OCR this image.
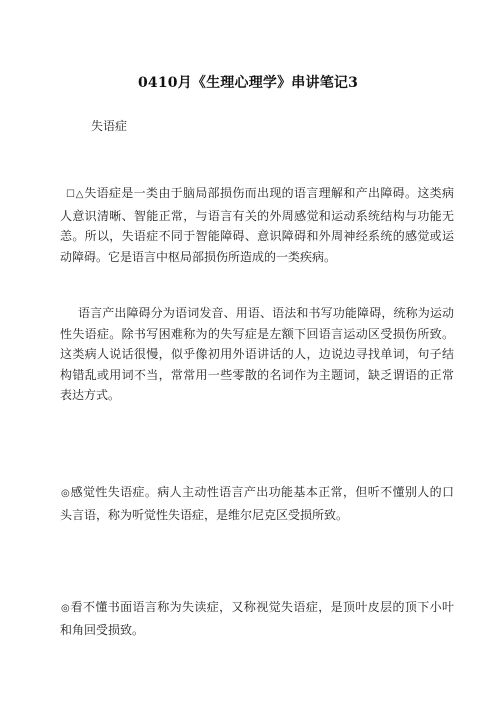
0410月《生理心理学》串讲笔记3
失语症

☐△失语症是一类由于脑局部损伤而出现的语言理解和产出障碍。这类病人意识清晰、智能正常，与语言有关的外周感觉和运动系统结构与功能无恙。所以，失语症不同于智能障碍、意识障碍和外周神经系统的感觉或运动障碍。它是语言中枢局部损伤所造成的一类疾病。

语言产出障碍分为语词发音、用语、语法和书写功能障碍，统称为运动性失语症。除书写困难称为的失写症是左额下回语言运动区受损伤所致。这类病人说话很慢，似乎像初用外语讲话的人，边说边寻找单词，句子结构错乱或用词不当，常常用一些零散的名词作为主题词，缺乏谓语的正常表达方式。

◎感觉性失语症。病人主动性语言产出功能基本正常，但听不懂别人的口头言语，称为听觉性失语症，是维尔尼克区受损所致。

◎看不懂书面语言称为失读症，又称视觉失语症，是顶叶皮层的顶下小叶和角回受损致。
